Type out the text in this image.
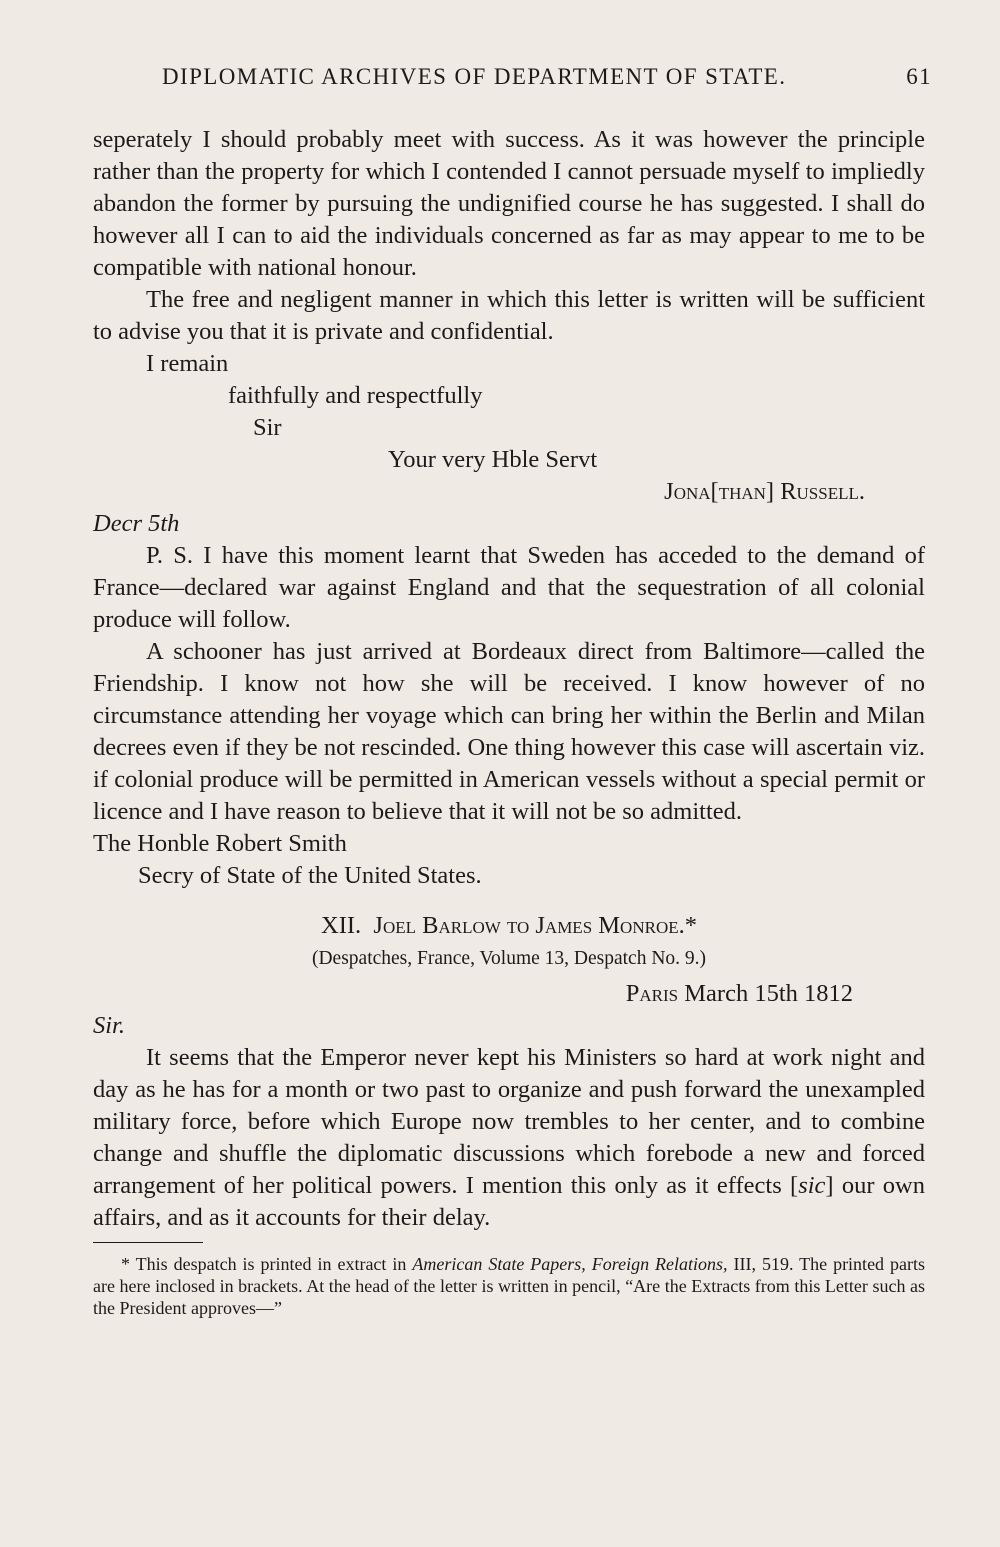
DIPLOMATIC ARCHIVES OF DEPARTMENT OF STATE.	61

seperately I should probably meet with success. As it was however the principle rather than the property for which I contended I cannot persuade myself to impliedly abandon the former by pursuing the undignified course he has suggested. I shall do however all I can to aid the individuals concerned as far as may appear to me to be compatible with national honour.

The free and negligent manner in which this letter is written will be sufficient to advise you that it is private and confidential.

I remain
faithfully and respectfully
Sir
Your very Hble Servt
Jona[than] Russell.
Decr 5th

P. S. I have this moment learnt that Sweden has acceded to the demand of France—declared war against England and that the sequestration of all colonial produce will follow.

A schooner has just arrived at Bordeaux direct from Baltimore—called the Friendship. I know not how she will be received. I know however of no circumstance attending her voyage which can bring her within the Berlin and Milan decrees even if they be not rescinded. One thing however this case will ascertain viz. if colonial produce will be permitted in American vessels without a special permit or licence and I have reason to believe that it will not be so admitted.

The Honble Robert Smith
Secry of State of the United States.
XII. Joel Barlow to James Monroe.*
(Despatches, France, Volume 13, Despatch No. 9.)
Paris March 15th 1812
Sir.

It seems that the Emperor never kept his Ministers so hard at work night and day as he has for a month or two past to organize and push forward the unexampled military force, before which Europe now trembles to her center, and to combine change and shuffle the diplomatic discussions which forebode a new and forced arrangement of her political powers. I mention this only as it effects [sic] our own affairs, and as it accounts for their delay.

* This despatch is printed in extract in American State Papers, Foreign Relations, III, 519. The printed parts are here inclosed in brackets. At the head of the letter is written in pencil, “Are the Extracts from this Letter such as the President approves—”
